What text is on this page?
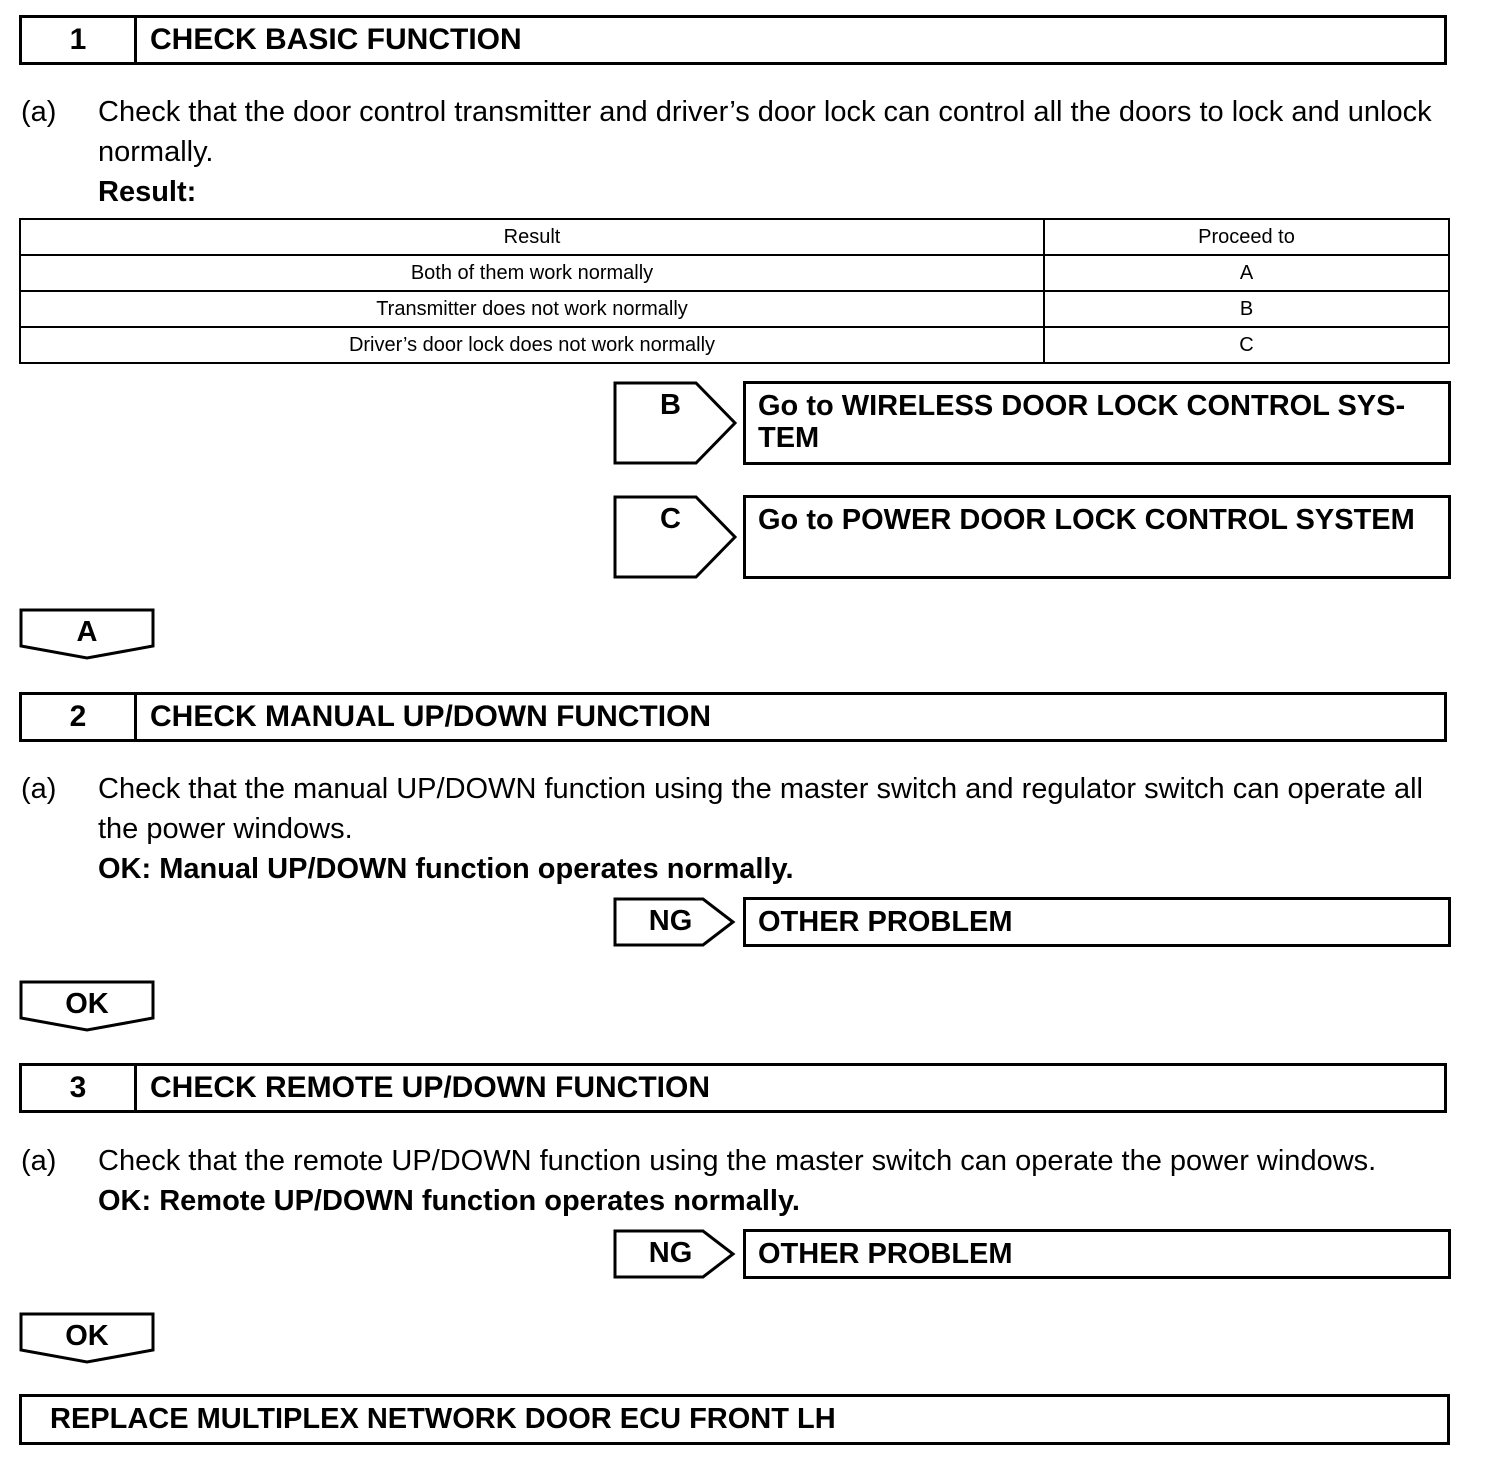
1	CHECK BASIC FUNCTION
(a) Check that the door control transmitter and driver’s door lock can control all the doors to lock and unlock normally.
Result:
Result	Proceed to
Both of them work normally	A
Transmitter does not work normally	B
Driver’s door lock does not work normally	C
B	Go to WIRELESS DOOR LOCK CONTROL SYS-
TEM
C	Go to POWER DOOR LOCK CONTROL SYSTEM
A
2	CHECK MANUAL UP/DOWN FUNCTION
(a) Check that the manual UP/DOWN function using the master switch and regulator switch can operate all the power windows.
OK: Manual UP/DOWN function operates normally.
NG	OTHER PROBLEM
OK
3	CHECK REMOTE UP/DOWN FUNCTION
(a) Check that the remote UP/DOWN function using the master switch can operate the power windows.
OK: Remote UP/DOWN function operates normally.
NG	OTHER PROBLEM
OK
REPLACE MULTIPLEX NETWORK DOOR ECU FRONT LH
